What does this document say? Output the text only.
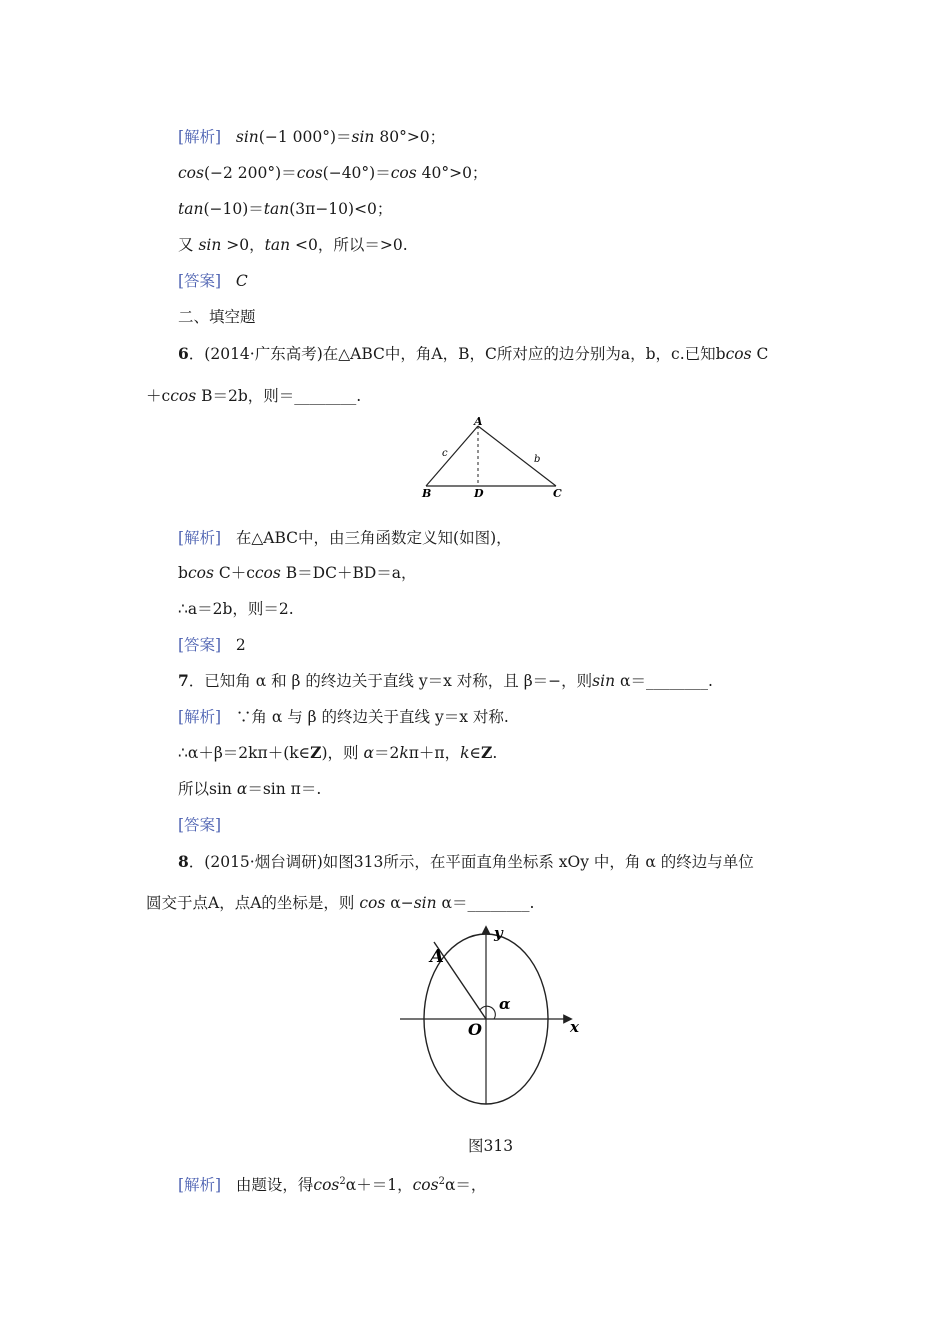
[解析] sin(−1 000°)＝sin 80°>0；
cos(−2 200°)＝cos(−40°)＝cos 40°>0；
tan(−10)＝tan(3π−10)<0；
又 sin >0，tan <0，所以＝>0.
[答案] C
二、填空题
6．(2014·广东高考)在△ABC中，角A，B，C所对应的边分别为a，b，c.已知bcos C
＋ccos B＝2b，则＝________.
A
B	C
D
b
c
[解析] 在△ABC中，由三角函数定义知(如图)，
bcos C＋ccos B＝DC＋BD＝a，
∴a＝2b，则＝2.
[答案] 2
7．已知角 α 和 β 的终边关于直线 y＝x 对称，且 β＝−，则sin α＝________.
[解析] ∵角 α 与 β 的终边关于直线 y＝x 对称.
∴α＋β＝2kπ＋(k∈Z)，则 α＝2kπ＋π，k∈Z.
所以sin α＝sin π＝.
[答案]
8．(2015·烟台调研)如图313所示，在平面直角坐标系 xOy 中，角 α 的终边与单位
圆交于点A，点A的坐标是，则 cos α−sin α＝________.
A
O	x
y
α
图313
[解析] 由题设，得$\cos^2\alpha+=1$，$\cos^2\alpha=$，
